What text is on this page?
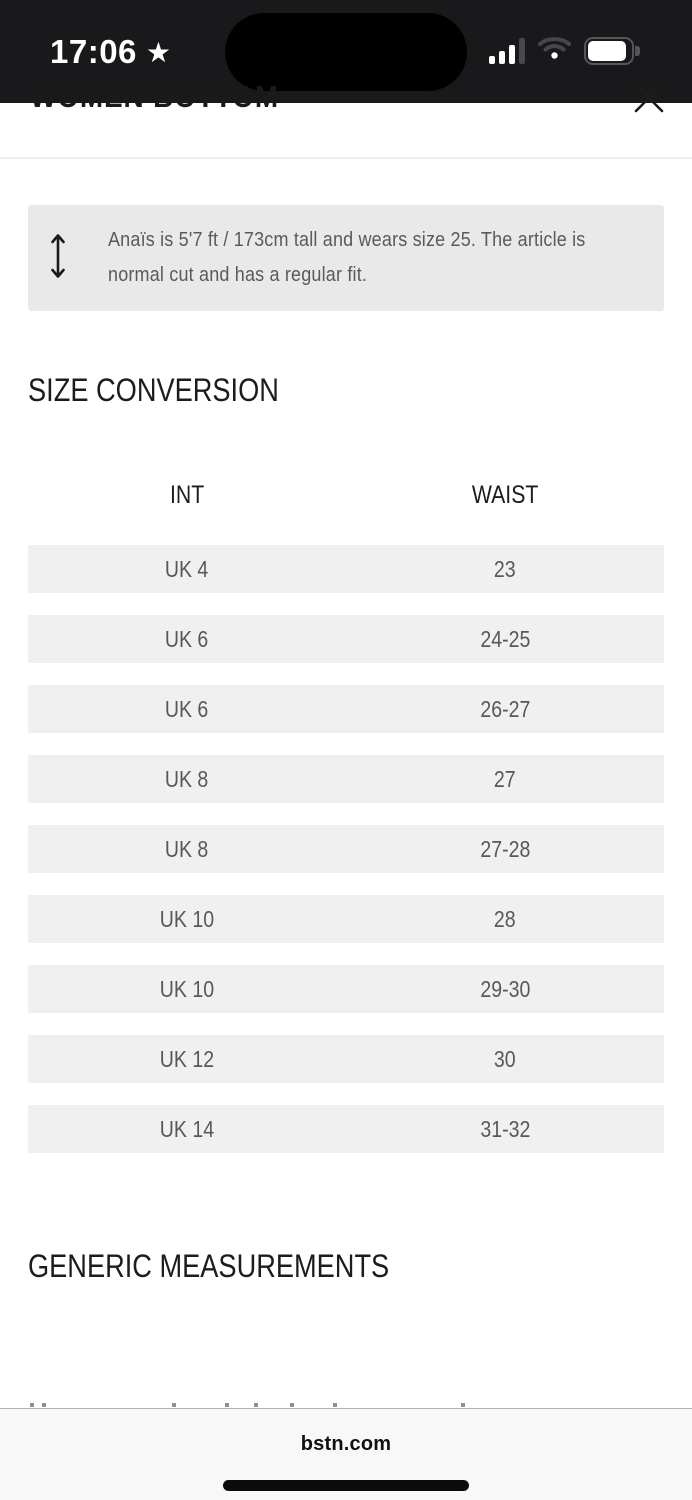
17:06 ★
WOMEN BOTTOM

Anaïs is 5'7 ft / 173cm tall and wears size 25. The article is normal cut and has a regular fit.

SIZE CONVERSION
INT	WAIST
UK 4	23
UK 6	24-25
UK 6	26-27
UK 8	27
UK 8	27-28
UK 10	28
UK 10	29-30
UK 12	30
UK 14	31-32
GENERIC MEASUREMENTS
bstn.com
